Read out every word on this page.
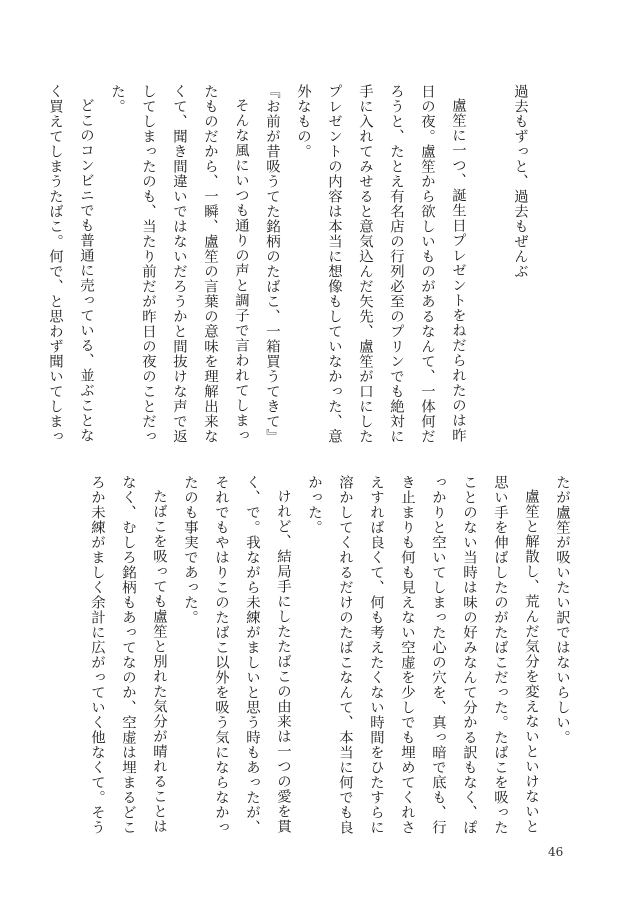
過去もずっと、過去もぜんぶ

盧笙に一つ、誕生日プレゼントをねだられたのは昨

日の夜。盧笙から欲しいものがあるなんて、一体何だ

ろうと、たとえ有名店の行列必至のプリンでも絶対に

手に入れてみせると意気込んだ矢先、盧笙が口にした

プレゼントの内容は本当に想像もしていなかった、意

外なもの。

『お前が昔吸うてた銘柄のたばこ、一箱買うてきて』

そんな風にいつも通りの声と調子で言われてしまっ

たものだから、一瞬、盧笙の言葉の意味を理解出来な

くて、聞き間違いではないだろうかと間抜けな声で返

してしまったのも、当たり前だが昨日の夜のことだっ

た。

どこのコンビニでも普通に売っている、並ぶことな

く買えてしまうたばこ。何で、と思わず聞いてしまっ

たが盧笙が吸いたい訳ではないらしい。

盧笙と解散し、荒んだ気分を変えないといけないと

思い手を伸ばしたのがたばこだった。たばこを吸った

ことのない当時は味の好みなんて分かる訳もなく、ぽ

っかりと空いてしまった心の穴を、真っ暗で底も、行

き止まりも何も見えない空虚を少しでも埋めてくれさ

えすれば良くて、何も考えたくない時間をひたすらに

溶かしてくれるだけのたばこなんて、本当に何でも良

かった。

けれど、結局手にしたたばこの由来は一つの愛を貫

く、で。我ながら未練がましいと思う時もあったが、

それでもやはりこのたばこ以外を吸う気にならなかっ

たのも事実であった。

たばこを吸っても盧笙と別れた気分が晴れることは

なく、むしろ銘柄もあってなのか、空虚は埋まるどこ

ろか未練がましく余計に広がっていく他なくて。そう

46
